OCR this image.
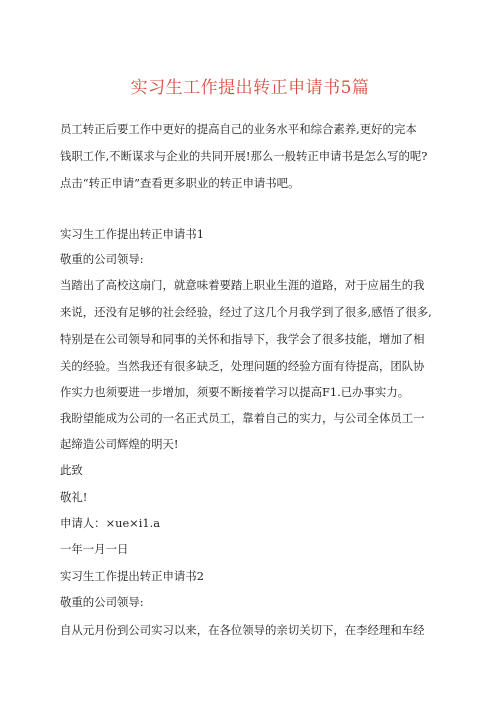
实习生工作提出转正申请书5篇
员工转正后要工作中更好的提高自己的业务水平和综合素养,更好的完本
钱职工作,不断谋求与企业的共同开展!那么一般转正申请书是怎么写的呢?
点击“转正申请”查看更多职业的转正申请书吧。
实习生工作提出转正申请书1
敬重的公司领导:
当踏出了高校这扇门，就意味着要踏上职业生涯的道路，对于应届生的我
来说，还没有足够的社会经验，经过了这几个月我学到了很多,感悟了很多,
特别是在公司领导和同事的关怀和指导下，我学会了很多技能，增加了相
关的经验。当然我还有很多缺乏，处理问题的经验方面有待提高，团队协
作实力也须要进一步增加，须要不断接着学习以提高F1.已办事实力。
我盼望能成为公司的一名正式员工，靠着自己的实力，与公司全体员工一
起缔造公司辉煌的明天!
此致
敬礼!
申请人：×ue×i1.a
一年一月一日
实习生工作提出转正申请书2
敬重的公司领导:
自从元月份到公司实习以来，在各位领导的亲切关切下，在李经理和车经
